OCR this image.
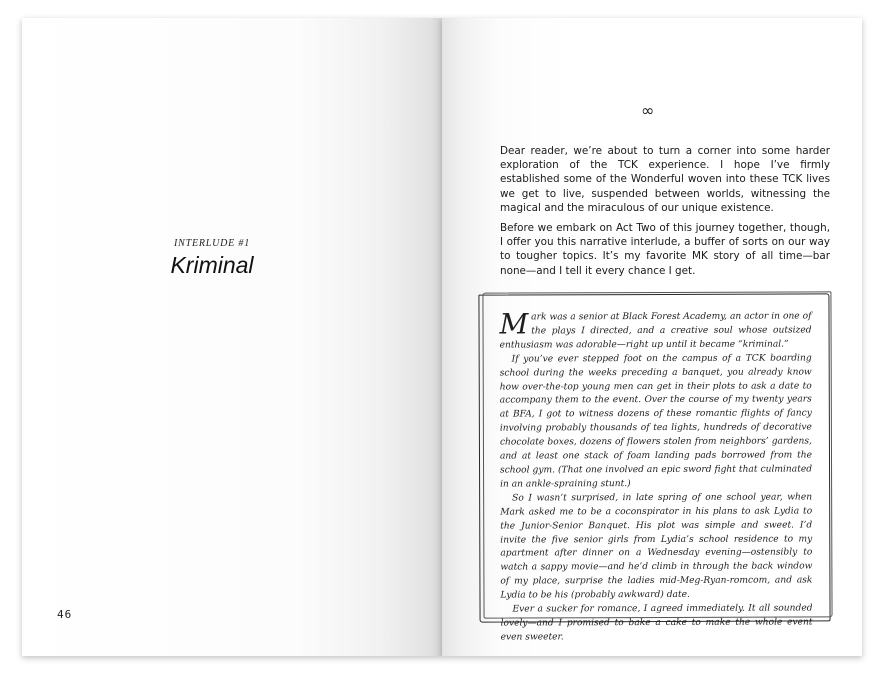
INTERLUDE #1
Kriminal
46
∞

Dear reader, we’re about to turn a corner into some harder exploration of the TCK experience. I hope I’ve firmly established some of the Wonderful woven into these TCK lives we get to live, suspended between worlds, witnessing the magical and the miraculous of our unique existence.

Before we embark on Act Two of this journey together, though, I offer you this narrative interlude, a buffer of sorts on our way to tougher topics. It’s my favorite MK story of all time—bar none—and I tell it every chance I get.

Mark was a senior at Black Forest Academy, an actor in one of the plays I directed, and a creative soul whose outsized enthusiasm was adorable—right up until it became “kriminal.”

If you’ve ever stepped foot on the campus of a TCK boarding school during the weeks preceding a banquet, you already know how over-the-top young men can get in their plots to ask a date to accompany them to the event. Over the course of my twenty years at BFA, I got to witness dozens of these romantic flights of fancy involving probably thousands of tea lights, hundreds of decorative chocolate boxes, dozens of flowers stolen from neighbors’ gardens, and at least one stack of foam landing pads borrowed from the school gym. (That one involved an epic sword fight that culminated in an ankle-spraining stunt.)

So I wasn’t surprised, in late spring of one school year, when Mark asked me to be a coconspirator in his plans to ask Lydia to the Junior-Senior Banquet. His plot was simple and sweet. I’d invite the five senior girls from Lydia’s school residence to my apartment after dinner on a Wednesday evening—ostensibly to watch a sappy movie—and he’d climb in through the back window of my place, surprise the ladies mid-Meg-Ryan-romcom, and ask Lydia to be his (probably awkward) date.

Ever a sucker for romance, I agreed immediately. It all sounded lovely—and I promised to bake a cake to make the whole event even sweeter.
